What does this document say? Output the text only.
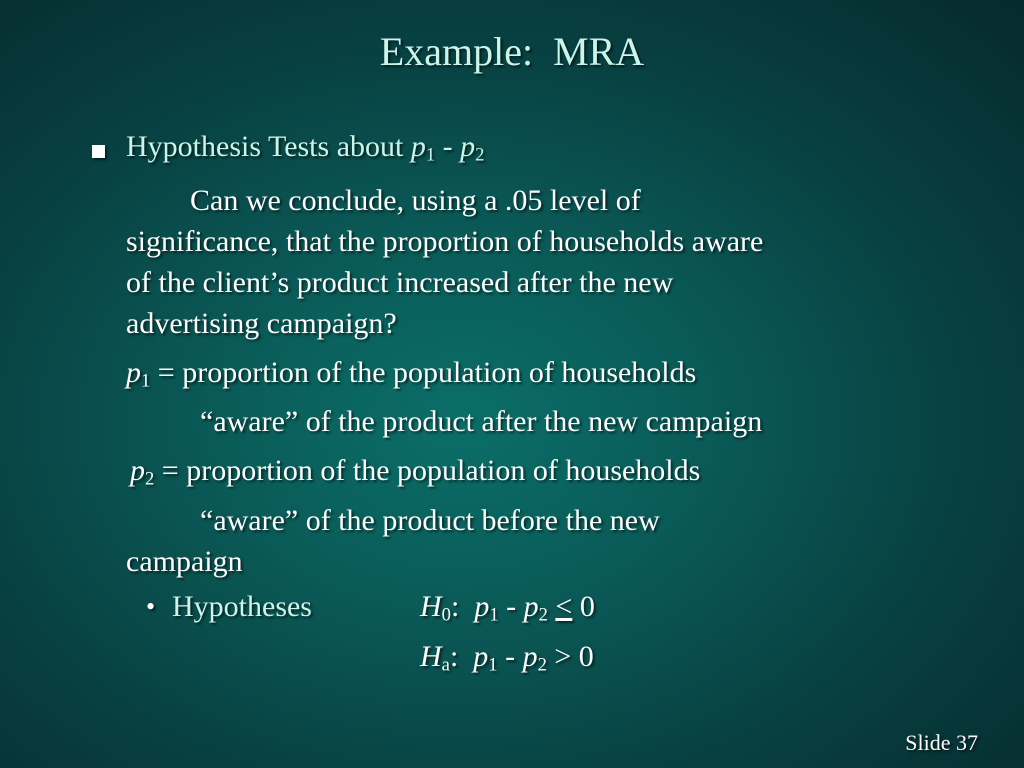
Example:  MRA
Hypothesis Tests about $p_1 - p_2$
Can we conclude, using a .05 level of
significance, that the proportion of households aware
of the client’s product increased after the new
advertising campaign?
$p_1$ = proportion of the population of households
“aware” of the product after the new campaign
$p_2$ = proportion of the population of households
“aware” of the product before the new
campaign
• Hypotheses	$H_0$:  $p_1 - p_2 < 0$
$H_a$:  $p_1 - p_2 > 0$
Slide 37
